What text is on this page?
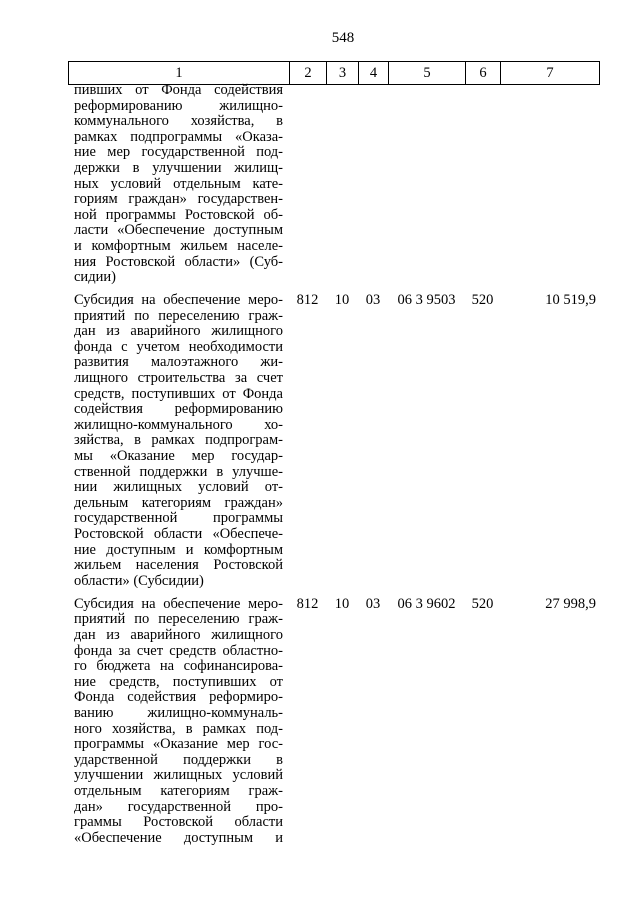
548
1	2	3	4	5	6	7
пивших от Фонда содействия
реформированию жилищно-
коммунального хозяйства, в
рамках подпрограммы «Оказа-
ние мер государственной под-
держки в улучшении жилищ-
ных условий отдельным кате-
гориям граждан» государствен-
ной программы Ростовской об-
ласти «Обеспечение доступным
и комфортным жильем населе-
ния Ростовской области» (Суб-
сидии)
Субсидия на обеспечение меро-
приятий по переселению граж-
дан из аварийного жилищного
фонда с учетом необходимости
развития малоэтажного жи-
лищного строительства за счет
средств, поступивших от Фонда
содействия реформированию
жилищно-коммунального хо-
зяйства, в рамках подпрограм-
мы «Оказание мер государ-
ственной поддержки в улучше-
нии жилищных условий от-
дельным категориям граждан»
государственной программы
Ростовской области «Обеспече-
ние доступным и комфортным
жильем населения Ростовской
области» (Субсидии)
812	10	03	06 3 9503	520	10 519,9
Субсидия на обеспечение меро-
приятий по переселению граж-
дан из аварийного жилищного
фонда за счет средств областно-
го бюджета на софинансирова-
ние средств, поступивших от
Фонда содействия реформиро-
ванию жилищно-коммуналь-
ного хозяйства, в рамках под-
программы «Оказание мер гос-
ударственной поддержки в
улучшении жилищных условий
отдельным категориям граж-
дан» государственной про-
граммы Ростовской области
«Обеспечение доступным и
812	10	03	06 3 9602	520	27 998,9
